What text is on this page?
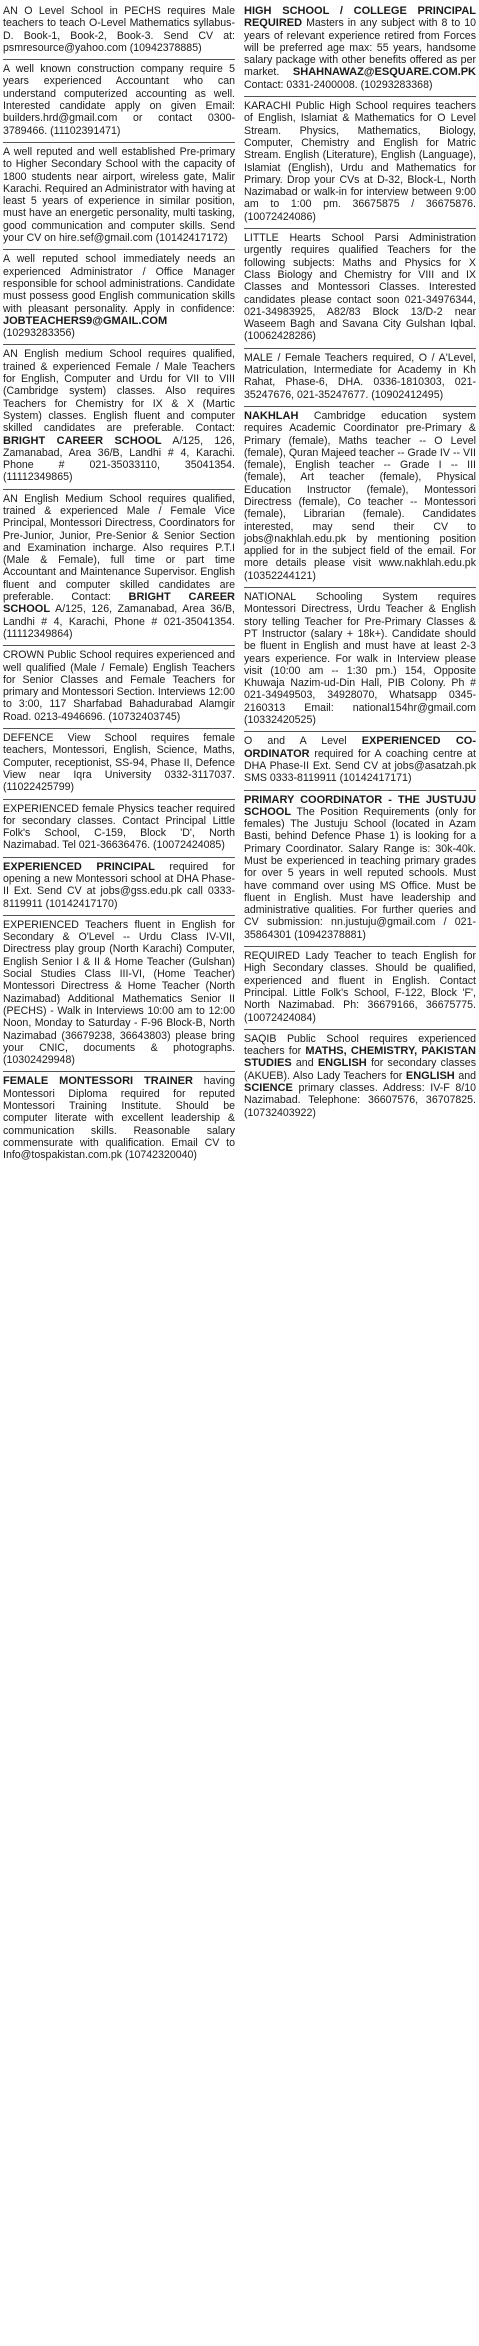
AN O Level School in PECHS requires Male teachers to teach O-Level Mathematics syllabus-D. Book-1, Book-2, Book-3. Send CV at: psmresource@yahoo.com (10942378885)
A well known construction company require 5 years experienced Accountant who can understand computerized accounting as well. Interested candidate apply on given Email: builders.hrd@gmail.com or contact 0300-3789466. (11102391471)
A well reputed and well established Pre-primary to Higher Secondary School with the capacity of 1800 students near airport, wireless gate, Malir Karachi. Required an Administrator with having at least 5 years of experience in similar position, must have an energetic personality, multi tasking, good communication and computer skills. Send your CV on hire.sef@gmail.com (10142417172)
A well reputed school immediately needs an experienced Administrator / Office Manager responsible for school administrations. Candidate must possess good English communication skills with pleasant personality. Apply in confidence: JOBTEACHERS9@GMAIL.COM (10293283356)
AN English medium School requires qualified, trained & experienced Female / Male Teachers for English, Computer and Urdu for VII to VIII (Cambridge system) classes. Also requires Teachers for Chemistry for IX & X (Martic System) classes. English fluent and computer skilled candidates are preferable. Contact: BRIGHT CAREER SCHOOL A/125, 126, Zamanabad, Area 36/B, Landhi # 4, Karachi. Phone # 021-35033110, 35041354. (11112349865)
AN English Medium School requires qualified, trained & experienced Male / Female Vice Principal, Montessori Directress, Coordinators for Pre-Junior, Junior, Pre-Senior & Senior Section and Examination incharge. Also requires P.T.I (Male & Female), full time or part time Accountant and Maintenance Supervisor. English fluent and computer skilled candidates are preferable. Contact: BRIGHT CAREER SCHOOL A/125, 126, Zamanabad, Area 36/B, Landhi # 4, Karachi, Phone # 021-35041354. (11112349864)
CROWN Public School requires experienced and well qualified (Male / Female) English Teachers for Senior Classes and Female Teachers for primary and Montessori Section. Interviews 12:00 to 3:00, 117 Sharfabad Bahadurabad Alamgir Road. 0213-4946696. (10732403745)
DEFENCE View School requires female teachers, Montessori, English, Science, Maths, Computer, receptionist, SS-94, Phase II, Defence View near Iqra University 0332-3117037. (11022425799)
EXPERIENCED female Physics teacher required for secondary classes. Contact Principal Little Folk's School, C-159, Block 'D', North Nazimabad. Tel 021-36636476. (10072424085)
EXPERIENCED PRINCIPAL required for opening a new Montessori school at DHA Phase-II Ext. Send CV at jobs@gss.edu.pk call 0333-8119911 (10142417170)
EXPERIENCED Teachers fluent in English for Secondary & O'Level -- Urdu Class IV-VII, Directress play group (North Karachi) Computer, English Senior I & II & Home Teacher (Gulshan) Social Studies Class III-VI, (Home Teacher) Montessori Directress & Home Teacher (North Nazimabad) Additional Mathematics Senior II (PECHS) - Walk in Interviews 10:00 am to 12:00 Noon, Monday to Saturday - F-96 Block-B, North Nazimabad (36679238, 36643803) please bring your CNIC, documents & photographs. (10302429948)
FEMALE MONTESSORI TRAINER having Montessori Diploma required for reputed Montessori Training Institute. Should be computer literate with excellent leadership & communication skills. Reasonable salary commensurate with qualification. Email CV to Info@tospakistan.com.pk (10742320040)
HIGH SCHOOL / COLLEGE PRINCIPAL REQUIRED Masters in any subject with 8 to 10 years of relevant experience retired from Forces will be preferred age max: 55 years, handsome salary package with other benefits offered as per market. SHAHNAWAZ@ESQUARE.COM.PK Contact: 0331-2400008. (10293283368)
KARACHI Public High School requires teachers of English, Islamiat & Mathematics for O Level Stream. Physics, Mathematics, Biology, Computer, Chemistry and English for Matric Stream. English (Literature), English (Language), Islamiat (English), Urdu and Mathematics for Primary. Drop your CVs at D-32, Block-L, North Nazimabad or walk-in for interview between 9:00 am to 1:00 pm. 36675875 / 36675876. (10072424086)
LITTLE Hearts School Parsi Administration urgently requires qualified Teachers for the following subjects: Maths and Physics for X Class Biology and Chemistry for VIII and IX Classes and Montessori Classes. Interested candidates please contact soon 021-34976344, 021-34983925, A82/83 Block 13/D-2 near Waseem Bagh and Savana City Gulshan Iqbal. (10062428286)
MALE / Female Teachers required, O / A'Level, Matriculation, Intermediate for Academy in Kh Rahat, Phase-6, DHA. 0336-1810303, 021-35247676, 021-35247677. (10902412495)
NAKHLAH Cambridge education system requires Academic Coordinator pre-Primary & Primary (female), Maths teacher -- O Level (female), Quran Majeed teacher -- Grade IV -- VII (female), English teacher -- Grade I -- III (female), Art teacher (female), Physical Education Instructor (female), Montessori Directress (female), Co teacher -- Montessori (female), Librarian (female). Candidates interested, may send their CV to jobs@nakhlah.edu.pk by mentioning position applied for in the subject field of the email. For more details please visit www.nakhlah.edu.pk (10352244121)
NATIONAL Schooling System requires Montessori Directress, Urdu Teacher & English story telling Teacher for Pre-Primary Classes & PT Instructor (salary + 18k+). Candidate should be fluent in English and must have at least 2-3 years experience. For walk in Interview please visit (10:00 am -- 1:30 pm.) 154, Opposite Khuwaja Nazim-ud-Din Hall, PIB Colony. Ph # 021-34949503, 34928070, Whatsapp 0345-2160313 Email: national154hr@gmail.com (10332420525)
O and A Level EXPERIENCED CO-ORDINATOR required for A coaching centre at DHA Phase-II Ext. Send CV at jobs@asatzah.pk SMS 0333-8119911 (10142417171)
PRIMARY COORDINATOR - THE JUSTUJU SCHOOL The Position Requirements (only for females) The Justuju School (located in Azam Basti, behind Defence Phase 1) is looking for a Primary Coordinator. Salary Range is: 30k-40k. Must be experienced in teaching primary grades for over 5 years in well reputed schools. Must have command over using MS Office. Must be fluent in English. Must have leadership and administrative qualities. For further queries and CV submission: nn.justuju@gmail.com / 021-35864301 (10942378881)
REQUIRED Lady Teacher to teach English for High Secondary classes. Should be qualified, experienced and fluent in English. Contact Principal. Little Folk's School, F-122, Block 'F', North Nazimabad. Ph: 36679166, 36675775. (10072424084)
SAQIB Public School requires experienced teachers for MATHS, CHEMISTRY, PAKISTAN STUDIES and ENGLISH for secondary classes (AKUEB). Also Lady Teachers for ENGLISH and SCIENCE primary classes. Address: IV-F 8/10 Nazimabad. Telephone: 36607576, 36707825. (10732403922)
